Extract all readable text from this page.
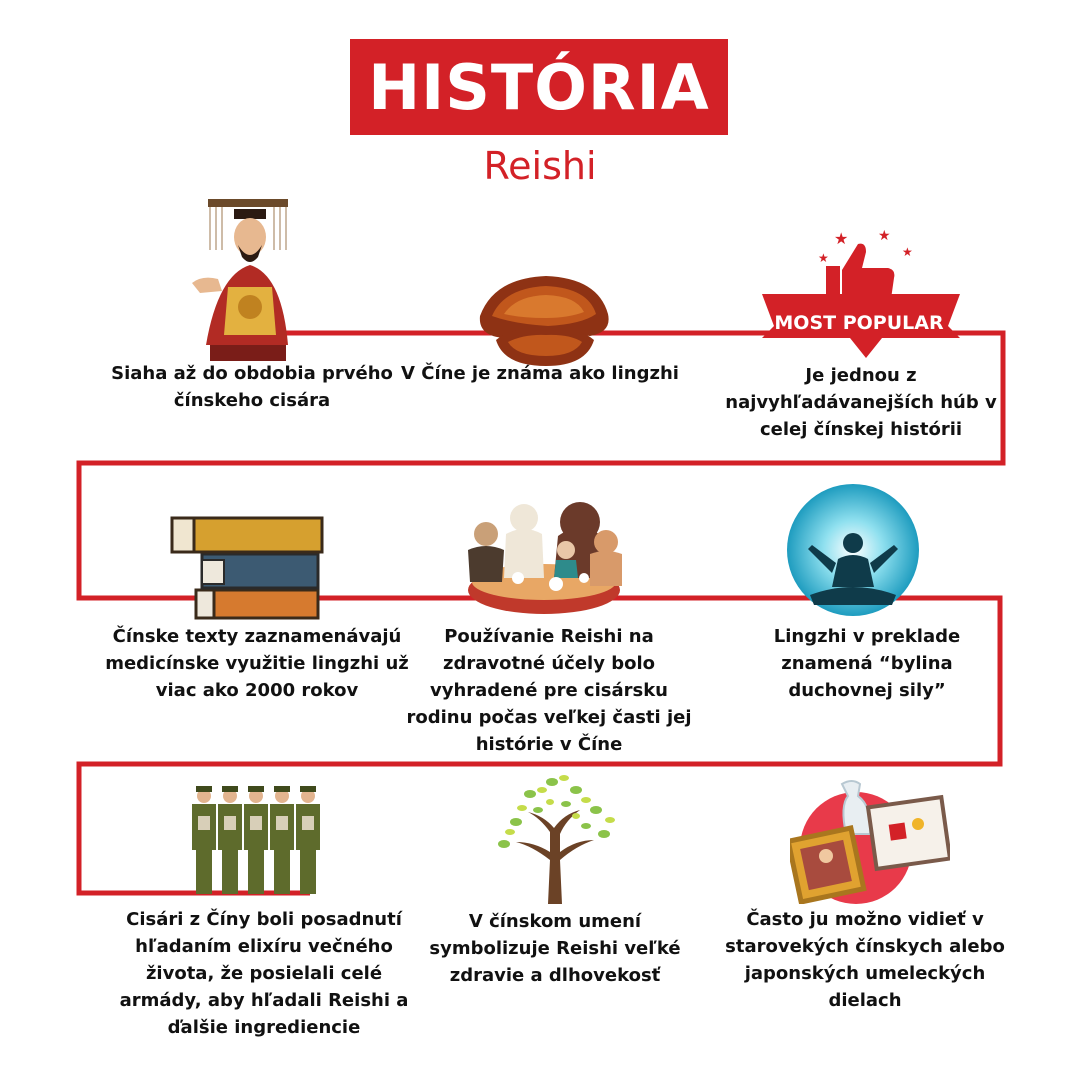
HISTÓRIA
Reishi
★ ★
★
★
MOST POPULAR
Siaha až do obdobia prvého čínskeho cisára
V Číne je známa ako lingzhi	Je jednou z najvyhľadávanejších húb v celej čínskej histórii
Čínske texty zaznamenávajú medicínske využitie lingzhi už viac ako 2000 rokov
Používanie Reishi na zdravotné účely bolo vyhradené pre cisársku rodinu počas veľkej časti jej histórie v Číne
Lingzhi v preklade znamená “bylina duchovnej sily”
Cisári z Číny boli posadnutí hľadaním elixíru večného života, že posielali celé armády, aby hľadali Reishi a ďalšie ingrediencie
V čínskom umení symbolizuje Reishi veľké zdravie a dlhovekosť
Často ju možno vidieť v starovekých čínskych alebo japonských umeleckých dielach
